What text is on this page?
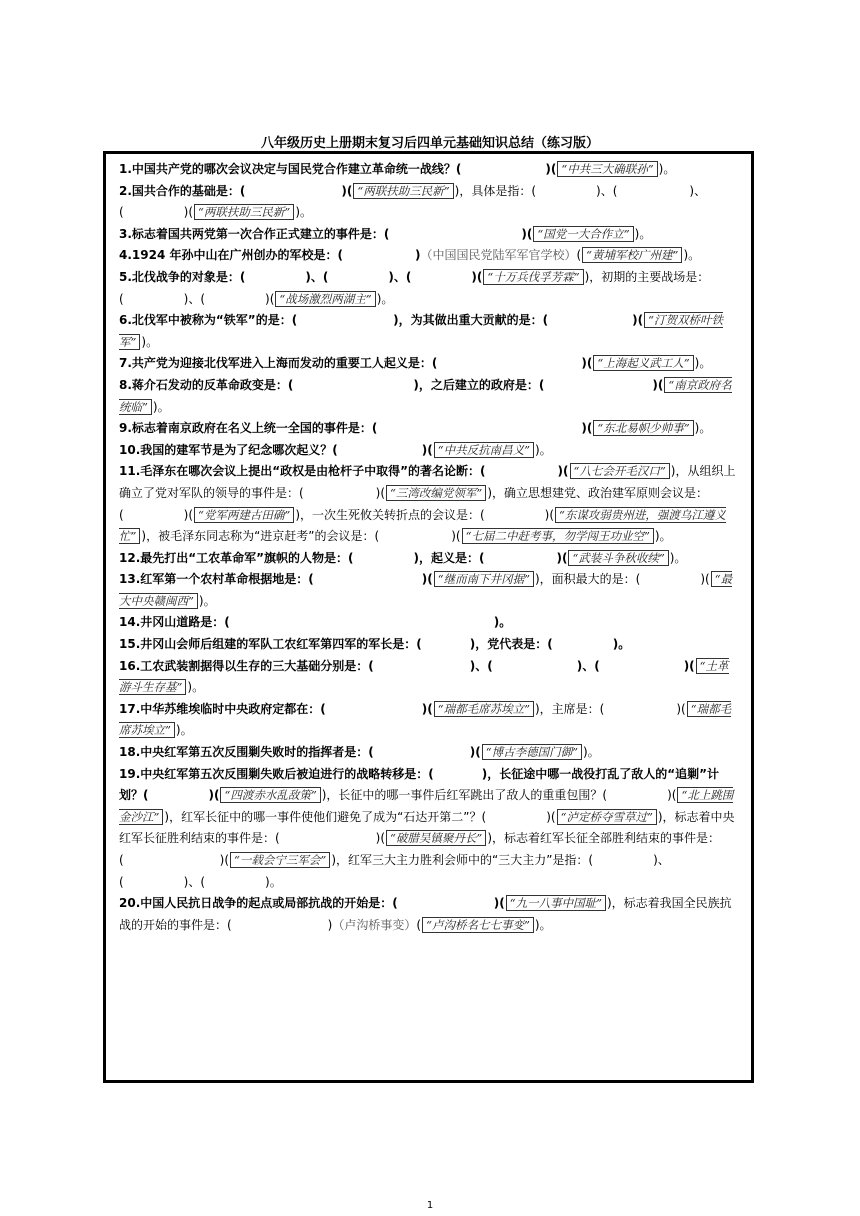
八年级历史上册期末复习后四单元基础知识总结（练习版）

1.中国共产党的哪次会议决定与国民党合作建立革命统一战线？(　　　　　　　)( “中共三大确联孙” )。

2.国共合作的基础是：(　　　　　　　　)( “两联扶助三民新” )，具体是指：(　　　　　)、(　　　　　　)、(　　　　　)( “两联扶助三民新” )。

3.标志着国共两党第一次合作正式建立的事件是：(　　　　　　　　　　　)( “国党一大合作立” )。

4.1924 年孙中山在广州创办的军校是：(　　　　　　)（中国国民党陆军军官学校）( “黄埔军校广州建” )。

5.北伐战争的对象是：(　　　　　)、(　　　　　)、(　　　　　)( “十万兵伐孚芳霖” )，初期的主要战场是：(　　　　　)、(　　　　　)( “战场激烈两湖主” )。

6.北伐军中被称为“铁军”的是：(　　　　　　　　)，为其做出重大贡献的是：(　　　　　　　)( “汀贺双桥叶铁军” )。

7.共产党为迎接北伐军进入上海而发动的重要工人起义是：(　　　　　　　　　　　　)( “上海起义武工人” )。

8.蒋介石发动的反革命政变是：(　　　　　　　　　　)，之后建立的政府是：(　　　　　　　　　)( “南京政府名统临” )。

9.标志着南京政府在名义上统一全国的事件是：(　　　　　　　　　　　　　　　　　)( “东北易帜少帅事” )。

10.我国的建军节是为了纪念哪次起义？(　　　　　　　)( “中共反抗南昌义” )。

11.毛泽东在哪次会议上提出“政权是由枪杆子中取得”的著名论断：(　　　　　　)( “八七会开毛汉口” )，从组织上确立了党对军队的领导的事件是：(　　　　　　)( “三湾改编党领军” )，确立思想建党、政治建军原则会议是：(　　　　　)( “党军两建古田确” )，一次生死攸关转折点的会议是：(　　　　　)( “东谋攻弱贵州进，强渡乌江遵义忙” )，被毛泽东同志称为“进京赶考”的会议是：(　　　　　　)( “七届二中赶考事，勿学闯王功业空” )。

12.最先打出“工农革命军”旗帜的人物是：(　　　　　)，起义是：(　　　　　　)( “武装斗争秋收续” )。

13.红军第一个农村革命根据地是：(　　　　　　　　　)( “继而南下井冈据” )，面积最大的是：(　　　　　)( “最大中央赣闽西” )。

14.井冈山道路是：(　　　　　　　　　　　　　　　　　　　　　　)。

15.井冈山会师后组建的军队工农红军第四军的军长是：(　　　　)，党代表是：(　　　　　)。

16.工农武装割据得以生存的三大基础分别是：(　　　　　　　　)、(　　　　　　　)、(　　　　　　　)( “土革游斗生存基” )。

17.中华苏维埃临时中央政府定都在：(　　　　　　　　)( “瑞都毛席苏埃立” )，主席是：(　　　　　　)( “瑞都毛席苏埃立” )。

18.中央红军第五次反围剿失败时的指挥者是：(　　　　　　　　)( “博古李德国门御” )。

19.中央红军第五次反围剿失败后被迫进行的战略转移是：(　　　　)，长征途中哪一战役打乱了敌人的“追剿”计划？(　　　　　)( “四渡赤水乱敌策” )，长征中的哪一事件后红军跳出了敌人的重重包围？(　　　　　)( “北上跳围金沙江” )，红军长征中的哪一事件使他们避免了成为“石达开第二”？(　　　　　)( “泸定桥夺雪草过” )，标志着中央红军长征胜利结束的事件是：(　　　　　　　　)( “破腊吴镇聚丹长” )，标志着红军长征全部胜利结束的事件是：(　　　　　　　　)( “一载会宁三军会” )，红军三大主力胜利会师中的“三大主力”是指：(　　　　　)、(　　　　　)、(　　　　　)。

20.中国人民抗日战争的起点或局部抗战的开始是：(　　　　　　　　)( “九一八事中国耻” )，标志着我国全民族抗战的开始的事件是：(　　　　　　　　)（卢沟桥事变）( “卢沟桥名七七事变” )。

1
